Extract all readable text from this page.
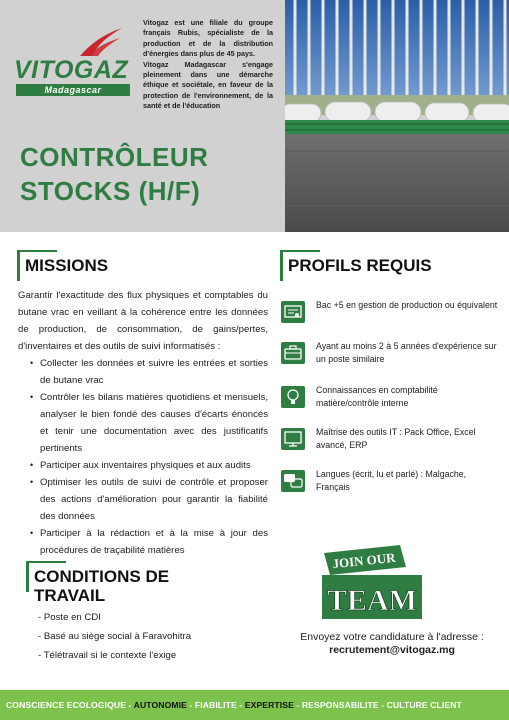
VITOGAZ
Madagascar

Vitogaz est une filiale du groupe français Rubis, spécialiste de la production et de la distribution d'énergies dans plus de 45 pays.

Vitogaz Madagascar s'engage pleinement dans une démarche éthique et sociétale, en faveur de la protection de l'environnement, de la santé et de l'éducation

CONTRÔLEUR
STOCKS (H/F)
MISSIONS

Garantir l'exactitude des flux physiques et comptables du butane vrac en veillant à la cohérence entre les données de production, de consommation, de gains/pertes, d'inventaires et des outils de suivi informatisés :

• Collecter les données et suivre les entrées et sorties de butane vrac
• Contrôler les bilans matières quotidiens et mensuels, analyser le bien fondé des causes d'écarts énoncés et tenir une documentation avec des justificatifs pertinents
• Participer aux inventaires physiques et aux audits
• Optimiser les outils de suivi de contrôle et proposer des actions d'amélioration pour garantir la fiabilité des données
• Participer à la rédaction et à la mise à jour des procédures de traçabilité matières
CONDITIONS DE
TRAVAIL
- Poste en CDI
- Basé au siège social à Faravohitra
- Télétravail si le contexte l'exige
PROFILS REQUIS
Bac +5 en gestion de production ou équivalent
Ayant au moins 2 à 5 années d'expérience sur un poste similaire
Connaissances en comptabilité matière/contrôle interne
Maîtrise des outils IT : Pack Office, Excel avancé, ERP
Langues (écrit, lu et parlé) : Malgache, Français
JOIN OUR
TEAM
Envoyez votre candidature à l'adresse :
recrutement@vitogaz.mg
CONSCIENCE ECOLOGIQUE - AUTONOMIE - FIABILITE - EXPERTISE - RESPONSABILITE - CULTURE CLIENT
